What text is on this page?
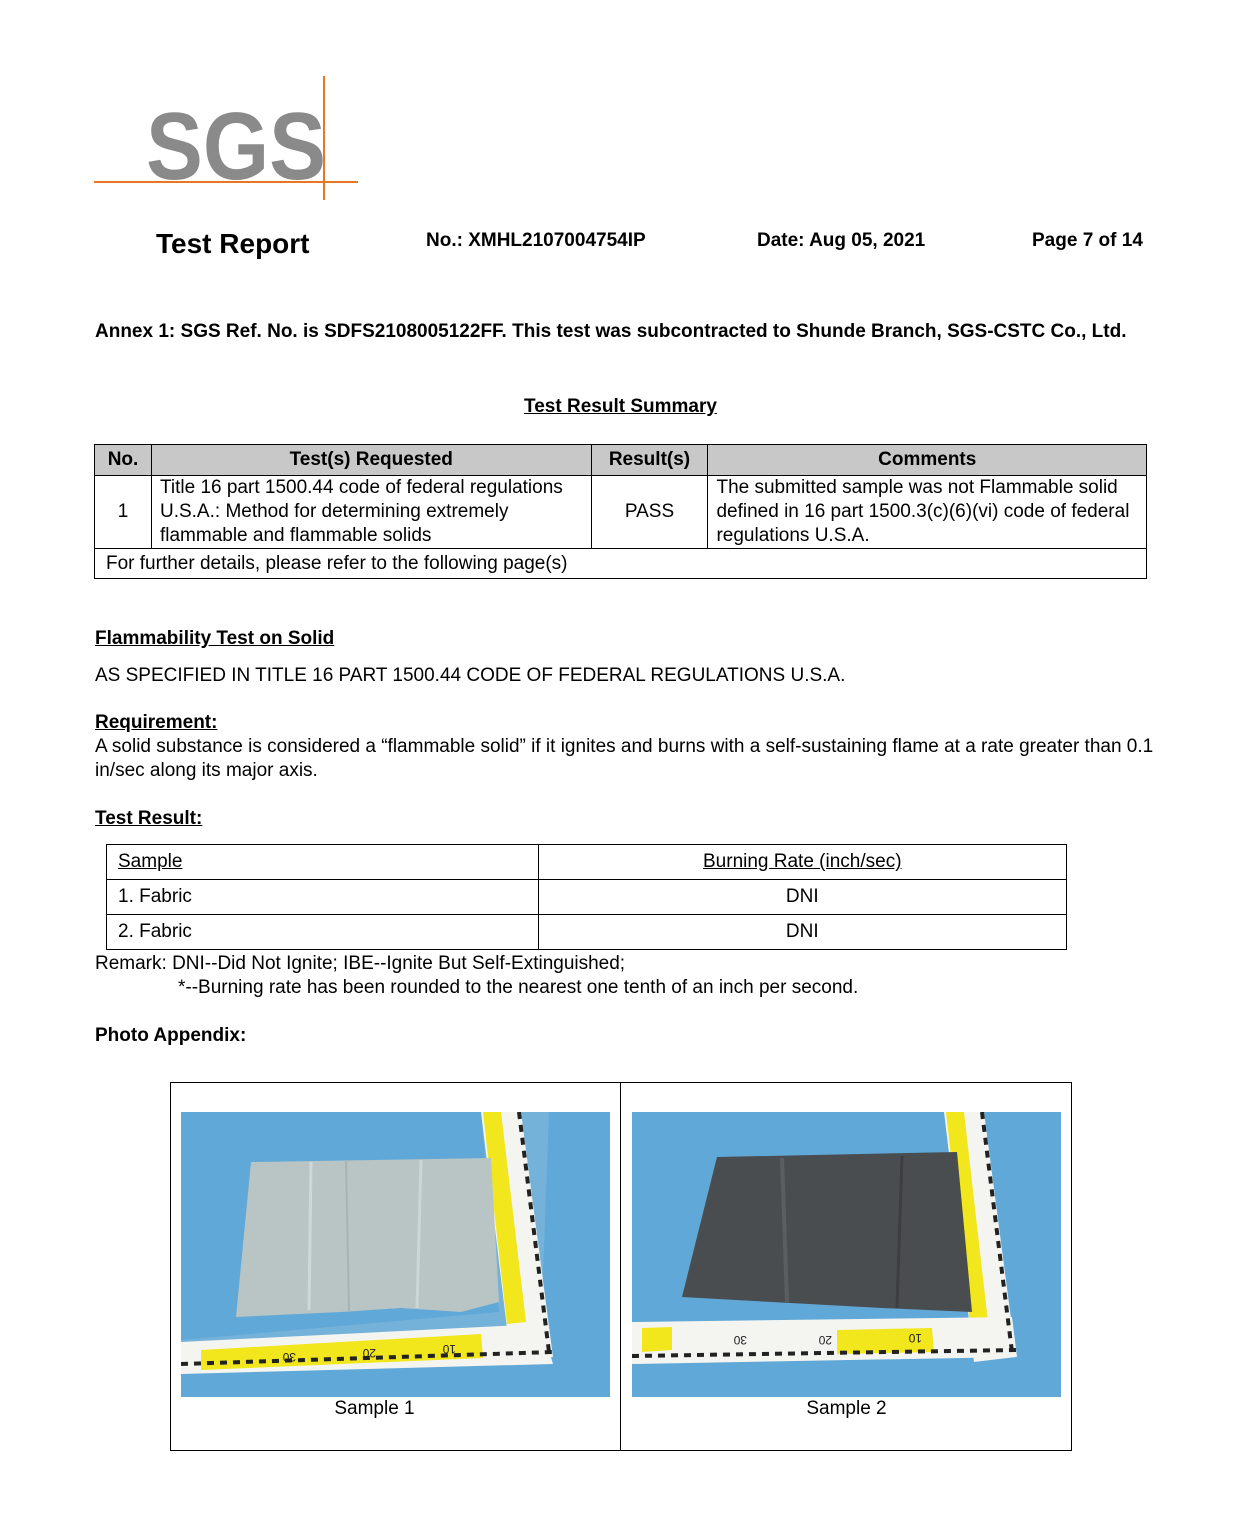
SGS
Test Report	No.: XMHL2107004754IP	Date: Aug 05, 2021	Page 7 of 14
Annex 1: SGS Ref. No. is SDFS2108005122FF. This test was subcontracted to Shunde Branch, SGS-CSTC Co., Ltd.
Test Result Summary
No.	Test(s) Requested	Result(s)	Comments
1	Title 16 part 1500.44 code of federal regulations U.S.A.: Method for determining extremely flammable and flammable solids	PASS	The submitted sample was not Flammable solid defined in 16 part 1500.3(c)(6)(vi) code of federal regulations U.S.A.
For further details, please refer to the following page(s)			
Flammability Test on Solid
AS SPECIFIED IN TITLE 16 PART 1500.44 CODE OF FEDERAL REGULATIONS U.S.A.
Requirement:
A solid substance is considered a “flammable solid” if it ignites and burns with a self-sustaining flame at a rate greater than 0.1 in/sec along its major axis.
Test Result:
Sample	Burning Rate (inch/sec)
1. Fabric	DNI
2. Fabric	DNI
Remark: DNI--Did Not Ignite; IBE--Ignite But Self-Extinguished;
*--Burning rate has been rounded to the nearest one tenth of an inch per second.
Photo Appendix:
30	20	10
30	20	10
Sample 1	Sample 2
